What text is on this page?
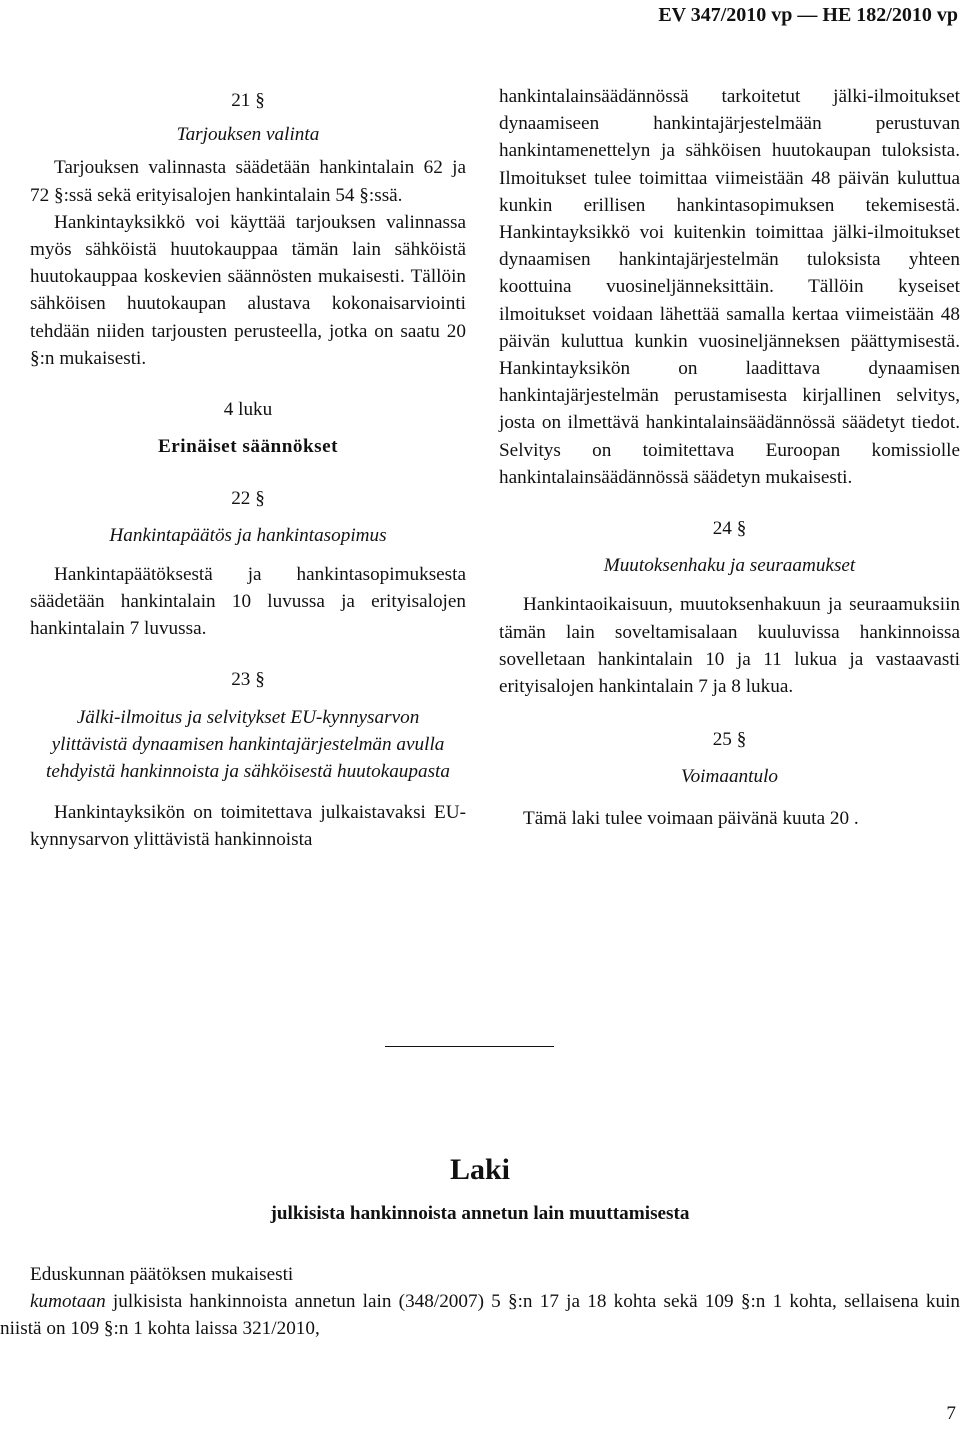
EV 347/2010 vp — HE 182/2010 vp

21 §

Tarjouksen valinta

Tarjouksen valinnasta säädetään hankintalain 62 ja 72 §:ssä sekä erityisalojen hankintalain 54 §:ssä.

Hankintayksikkö voi käyttää tarjouksen valinnassa myös sähköistä huutokauppaa tämän lain sähköistä huutokauppaa koskevien säännösten mukaisesti. Tällöin sähköisen huutokaupan alustava kokonaisarviointi tehdään niiden tarjousten perusteella, jotka on saatu 20 §:n mukaisesti.

4 luku

Erinäiset säännökset

22 §

Hankintapäätös ja hankintasopimus

Hankintapäätöksestä ja hankintasopimuksesta säädetään hankintalain 10 luvussa ja erityisalojen hankintalain 7 luvussa.

23 §

Jälki-ilmoitus ja selvitykset EU-kynnysarvon ylittävistä dynaamisen hankintajärjestelmän avulla tehdyistä hankinnoista ja sähköisestä huutokaupasta

Hankintayksikön on toimitettava julkaistavaksi EU-kynnysarvon ylittävistä hankinnoista

hankintalainsäädännössä tarkoitetut jälki-ilmoitukset dynaamiseen hankintajärjestelmään perustuvan hankintamenettelyn ja sähköisen huutokaupan tuloksista. Ilmoitukset tulee toimittaa viimeistään 48 päivän kuluttua kunkin erillisen hankintasopimuksen tekemisestä. Hankintayksikkö voi kuitenkin toimittaa jälki-ilmoitukset dynaamisen hankintajärjestelmän tuloksista yhteen koottuina vuosineljänneksittäin. Tällöin kyseiset ilmoitukset voidaan lähettää samalla kertaa viimeistään 48 päivän kuluttua kunkin vuosineljänneksen päättymisestä. Hankintayksikön on laadittava dynaamisen hankintajärjestelmän perustamisesta kirjallinen selvitys, josta on ilmettävä hankintalainsäädännössä säädetyt tiedot. Selvitys on toimitettava Euroopan komissiolle hankintalainsäädännössä säädetyn mukaisesti.

24 §

Muutoksenhaku ja seuraamukset

Hankintaoikaisuun, muutoksenhakuun ja seuraamuksiin tämän lain soveltamisalaan kuuluvissa hankinnoissa sovelletaan hankintalain 10 ja 11 lukua ja vastaavasti erityisalojen hankintalain 7 ja 8 lukua.

25 §

Voimaantulo

Tämä laki tulee voimaan päivänä kuuta 20 .

Laki
julkisista hankinnoista annetun lain muuttamisesta

Eduskunnan päätöksen mukaisesti

kumotaan julkisista hankinnoista annetun lain (348/2007) 5 §:n 17 ja 18 kohta sekä 109 §:n 1 kohta, sellaisena kuin niistä on 109 §:n 1 kohta laissa 321/2010,

7
